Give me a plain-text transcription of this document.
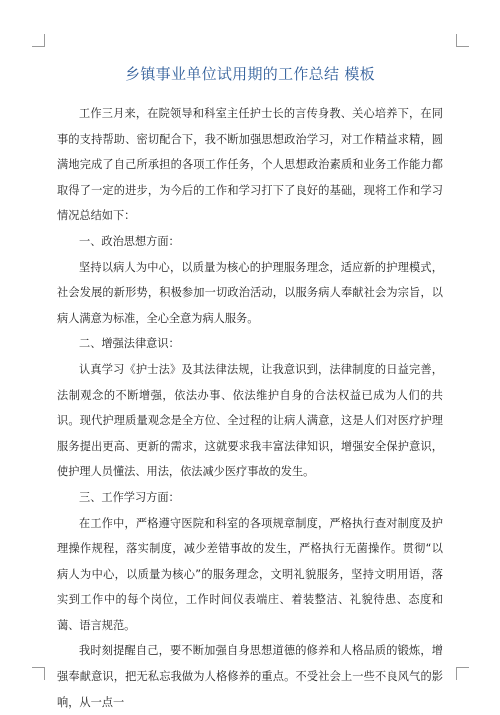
乡镇事业单位试用期的工作总结 模板

工作三月来，在院领导和科室主任护士长的言传身教、关心培养下，在同事的支持帮助、密切配合下，我不断加强思想政治学习，对工作精益求精，圆满地完成了自己所承担的各项工作任务，个人思想政治素质和业务工作能力都取得了一定的进步，为今后的工作和学习打下了良好的基础，现将工作和学习情况总结如下：

一、政治思想方面：

坚持以病人为中心，以质量为核心的护理服务理念，适应新的护理模式，社会发展的新形势，积极参加一切政治活动，以服务病人奉献社会为宗旨，以病人满意为标准，全心全意为病人服务。

二、增强法律意识：

认真学习《护士法》及其法律法规，让我意识到，法律制度的日益完善，法制观念的不断增强，依法办事、依法维护自身的合法权益已成为人们的共识。现代护理质量观念是全方位、全过程的让病人满意，这是人们对医疗护理服务提出更高、更新的需求，这就要求我丰富法律知识，增强安全保护意识，使护理人员懂法、用法，依法减少医疗事故的发生。

三、工作学习方面：

在工作中，严格遵守医院和科室的各项规章制度，严格执行查对制度及护理操作规程，落实制度，减少差错事故的发生，严格执行无菌操作。贯彻“以病人为中心，以质量为核心”的服务理念，文明礼貌服务，坚持文明用语，落实到工作中的每个岗位，工作时间仪表端庄、着装整洁、礼貌待患、态度和蔼、语言规范。

我时刻提醒自己，要不断加强自身思想道德的修养和人格品质的锻炼，增强奉献意识，把无私忘我做为人格修养的重点。不受社会上一些不良风气的影响，从一点一
